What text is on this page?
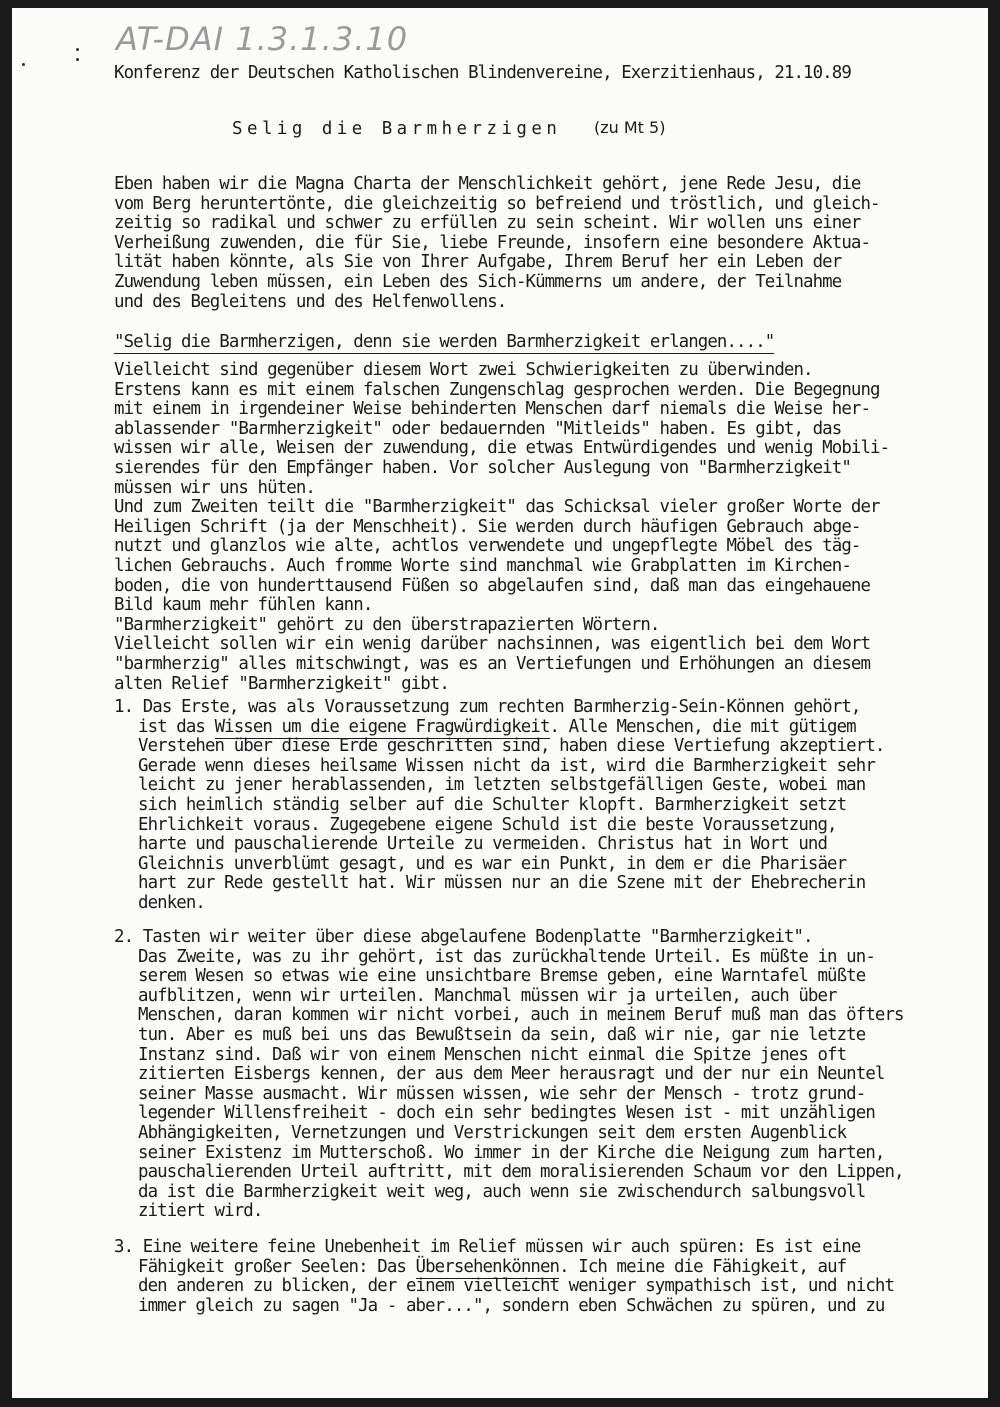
AT-DAI 1.3.1.3.10
Konferenz der Deutschen Katholischen Blindenvereine, Exerzitienhaus, 21.10.89
Selig die Barmherzigen (zu Mt 5)
Eben haben wir die Magna Charta der Menschlichkeit gehört, jene Rede Jesu, die
vom Berg heruntertönte, die gleichzeitig so befreiend und tröstlich, und gleich-
zeitig so radikal und schwer zu erfüllen zu sein scheint. Wir wollen uns einer
Verheißung zuwenden, die für Sie, liebe Freunde, insofern eine besondere Aktua-
lität haben könnte, als Sie von Ihrer Aufgabe, Ihrem Beruf her ein Leben der
Zuwendung leben müssen, ein Leben des Sich-Kümmerns um andere, der Teilnahme
und des Begleitens und des Helfenwollens.
"Selig die Barmherzigen, denn sie werden Barmherzigkeit erlangen...."
Vielleicht sind gegenüber diesem Wort zwei Schwierigkeiten zu überwinden.
Erstens kann es mit einem falschen Zungenschlag gesprochen werden. Die Begegnung
mit einem in irgendeiner Weise behinderten Menschen darf niemals die Weise her-
ablassender "Barmherzigkeit" oder bedauernden "Mitleids" haben. Es gibt, das
wissen wir alle, Weisen der zuwendung, die etwas Entwürdigendes und wenig Mobili-
sierendes für den Empfänger haben. Vor solcher Auslegung von "Barmherzigkeit"
müssen wir uns hüten.
Und zum Zweiten teilt die "Barmherzigkeit" das Schicksal vieler großer Worte der
Heiligen Schrift (ja der Menschheit). Sie werden durch häufigen Gebrauch abge-
nutzt und glanzlos wie alte, achtlos verwendete und ungepflegte Möbel des täg-
lichen Gebrauchs. Auch fromme Worte sind manchmal wie Grabplatten im Kirchen-
boden, die von hunderttausend Füßen so abgelaufen sind, daß man das eingehauene
Bild kaum mehr fühlen kann.
"Barmherzigkeit" gehört zu den überstrapazierten Wörtern.
Vielleicht sollen wir ein wenig darüber nachsinnen, was eigentlich bei dem Wort
"barmherzig" alles mitschwingt, was es an Vertiefungen und Erhöhungen an diesem
alten Relief "Barmherzigkeit" gibt.
1. Das Erste, was als Voraussetzung zum rechten Barmherzig-Sein-Können gehört,
ist das Wissen um die eigene Fragwürdigkeit. Alle Menschen, die mit gütigem
Verstehen über diese Erde geschritten sind, haben diese Vertiefung akzeptiert.
Gerade wenn dieses heilsame Wissen nicht da ist, wird die Barmherzigkeit sehr
leicht zu jener herablassenden, im letzten selbstgefälligen Geste, wobei man
sich heimlich ständig selber auf die Schulter klopft. Barmherzigkeit setzt
Ehrlichkeit voraus. Zugegebene eigene Schuld ist die beste Voraussetzung,
harte und pauschalierende Urteile zu vermeiden. Christus hat in Wort und
Gleichnis unverblümt gesagt, und es war ein Punkt, in dem er die Pharisäer
hart zur Rede gestellt hat. Wir müssen nur an die Szene mit der Ehebrecherin
denken.
2. Tasten wir weiter über diese abgelaufene Bodenplatte "Barmherzigkeit".
Das Zweite, was zu ihr gehört, ist das zurückhaltende Urteil. Es müßte in un-
serem Wesen so etwas wie eine unsichtbare Bremse geben, eine Warntafel müßte
aufblitzen, wenn wir urteilen. Manchmal müssen wir ja urteilen, auch über
Menschen, daran kommen wir nicht vorbei, auch in meinem Beruf muß man das öfters
tun. Aber es muß bei uns das Bewußtsein da sein, daß wir nie, gar nie letzte
Instanz sind. Daß wir von einem Menschen nicht einmal die Spitze jenes oft
zitierten Eisbergs kennen, der aus dem Meer herausragt und der nur ein Neuntel
seiner Masse ausmacht. Wir müssen wissen, wie sehr der Mensch - trotz grund-
legender Willensfreiheit - doch ein sehr bedingtes Wesen ist - mit unzähligen
Abhängigkeiten, Vernetzungen und Verstrickungen seit dem ersten Augenblick
seiner Existenz im Mutterschoß. Wo immer in der Kirche die Neigung zum harten,
pauschalierenden Urteil auftritt, mit dem moralisierenden Schaum vor den Lippen,
da ist die Barmherzigkeit weit weg, auch wenn sie zwischendurch salbungsvoll
zitiert wird.
3. Eine weitere feine Unebenheit im Relief müssen wir auch spüren: Es ist eine
Fähigkeit großer Seelen: Das Übersehenkönnen. Ich meine die Fähigkeit, auf
den anderen zu blicken, der einem vielleicht weniger sympathisch ist, und nicht
immer gleich zu sagen "Ja - aber...", sondern eben Schwächen zu spüren, und zu
